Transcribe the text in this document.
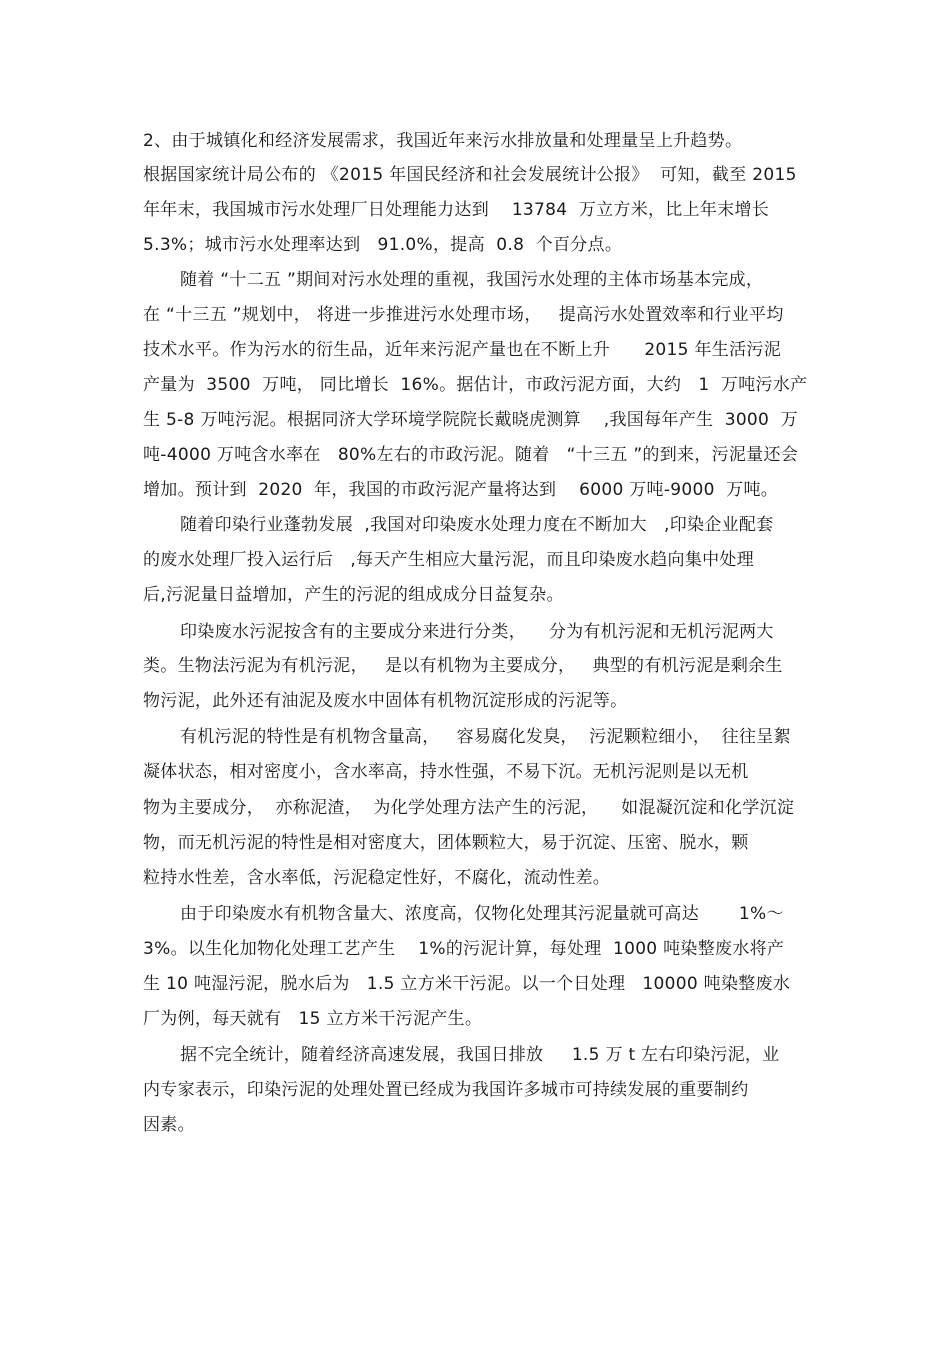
2、由于城镇化和经济发展需求，我国近年来污水排放量和处理量呈上升趋势。
根据国家统计局公布的 《2015 年国民经济和社会发展统计公报》  可知，截至 2015
年年末，我国城市污水处理厂日处理能力达到    13784  万立方米，比上年末增长
5.3%；城市污水处理率达到   91.0%，提高  0.8  个百分点。
随着 “十二五 ”期间对污水处理的重视，我国污水处理的主体市场基本完成，
在 “十三五 ”规划中， 将进一步推进污水处理市场，   提高污水处置效率和行业平均
技术水平。作为污水的衍生品，近年来污泥产量也在不断上升      2015 年生活污泥
产量为  3500  万吨， 同比增长  16%。据估计，市政污泥方面，大约   1  万吨污水产
生 5-8 万吨污泥。根据同济大学环境学院院长戴晓虎测算    ,我国每年产生  3000  万
吨-4000 万吨含水率在   80%左右的市政污泥。随着   “十三五 ”的到来，污泥量还会
增加。预计到  2020  年，我国的市政污泥产量将达到    6000 万吨-9000  万吨。
随着印染行业蓬勃发展  ,我国对印染废水处理力度在不断加大   ,印染企业配套
的废水处理厂投入运行后   ,每天产生相应大量污泥，而且印染废水趋向集中处理
后,污泥量日益增加，产生的污泥的组成成分日益复杂。
印染废水污泥按含有的主要成分来进行分类，    分为有机污泥和无机污泥两大
类。生物法污泥为有机污泥，   是以有机物为主要成分，   典型的有机污泥是剩余生
物污泥，此外还有油泥及废水中固体有机物沉淀形成的污泥等。
有机污泥的特性是有机物含量高，   容易腐化发臭，  污泥颗粒细小，  往往呈絮
凝体状态，相对密度小，含水率高，持水性强，不易下沉。无机污泥则是以无机
物为主要成分，  亦称泥渣，  为化学处理方法产生的污泥，    如混凝沉淀和化学沉淀
物，而无机污泥的特性是相对密度大，团体颗粒大，易于沉淀、压密、脱水，颗
粒持水性差，含水率低，污泥稳定性好，不腐化，流动性差。
由于印染废水有机物含量大、浓度高，仅物化处理其污泥量就可高达       1%～
3%。以生化加物化处理工艺产生    1%的污泥计算，每处理  1000 吨染整废水将产
生 10 吨湿污泥，脱水后为   1.5 立方米干污泥。以一个日处理   10000 吨染整废水
厂为例，每天就有   15 立方米干污泥产生。
据不完全统计，随着经济高速发展，我国日排放     1.5 万 t 左右印染污泥，业
内专家表示，印染污泥的处理处置已经成为我国许多城市可持续发展的重要制约
因素。
